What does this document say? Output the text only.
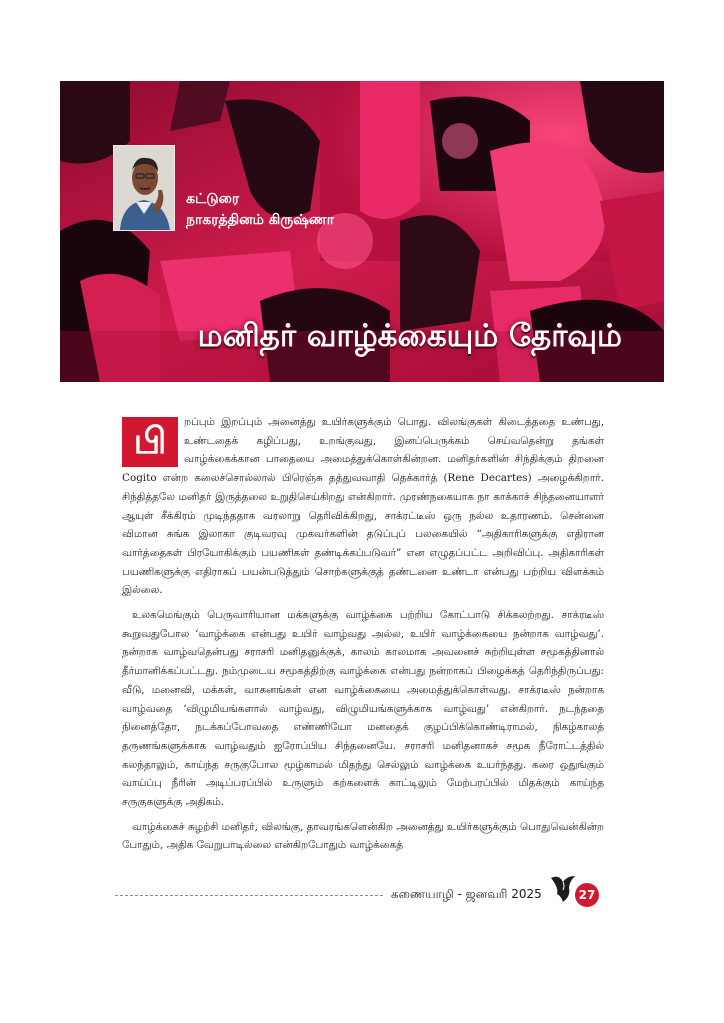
கட்டுரை
நாகரத்தினம் கிருஷ்ணா
மனிதர் வாழ்க்கையும் தேர்வும்
பி	றப்பும் இறப்பும் அனைத்து உயிர்களுக்கும் பொது. விலங்குகள் கிடைத்ததை உண்பது, உண்டதைக் கழிப்பது, உறங்குவது, இனப்பெருக்கம் செய்வதென்று தங்கள் வாழ்க்கைக்கான பாதையை அமைத்துக்கொள்கின்றன. மனிதர்களின் சிந்திக்கும் திறனை Cogito என்ற கலைச்சொல்லால் பிரெஞ்சு தத்துவவாதி தெக்கார்த் (Rene Decartes) அழைக்கிறார். சிந்தித்தலே மனிதர் இருத்தலை உறுதிசெய்கிறது என்கிறார். முரண்நகையாக நா காக்காச் சிந்தனையாளர் ஆயுள் சீக்கிரம் முடிந்ததாக வரலாறு தெரிவிக்கிறது, சாக்ரட்டீஸ் ஒரு நல்ல உதாரணம். சென்னை விமான சுங்க இலாகா குடிவரவு முகவர்களின் தடுப்புப் பலகையில் “அதிகாரிகளுக்கு எதிரான வார்த்தைகள் பிரயோகிக்கும் பயணிகள் தண்டிக்கப்படுவர்” என எழுதப்பட்ட அறிவிப்பு. அதிகாரிகள் பயணிகளுக்கு எதிராகப் பயன்படுத்தும் சொற்களுக்குத் தண்டனை உண்டா என்பது பற்றிய விளக்கம் இல்லை.

உலகமெங்கும் பெருவாரியான மக்களுக்கு வாழ்க்கை பற்றிய கோட்பாடு சிக்கலற்றது. சாக்ரடீஸ் கூறுவதுபோல ‘வாழ்க்கை என்பது உயிர் வாழ்வது அல்ல, உயிர் வாழ்க்கையை நன்றாக வாழ்வது’. நன்றாக வாழ்வதென்பது சராசரி மனிதனுக்குக், காலம் காலமாக அவனைச் சுற்றியுள்ள சமூகத்தினால் தீர்மானிக்கப்பட்டது. நம்முடைய சமூகத்திற்கு வாழ்க்கை என்பது நன்றாகப் பிழைக்கத் தெரிந்திருப்பது: வீடு, மனைவி, மக்கள், வாகனங்கள் என வாழ்க்கையை அமைத்துக்கொள்வது. சாக்ரடீஸ் நன்றாக வாழ்வதை ‘விழுமியங்களால் வாழ்வது, விழுமியங்களுக்காக வாழ்வது’ என்கிறார். நடந்ததை நினைத்தோ, நடக்கப்போவதை எண்ணியோ மனதைக் குழப்பிக்கொண்டிராமல், நிகழ்காலத் தருணங்களுக்காக வாழ்வதும் ஐரோப்பிய சிந்தனையே. சராசரி மனிதனாகச் சமூக நீரோட்டத்தில் கலந்தாலும், காய்ந்த சருகுபோல மூழ்காமல் மிதந்து செல்லும் வாழ்க்கை உயர்ந்தது. கரை ஒதுங்கும் வாய்ப்பு நீரின் அடிப்பரப்பில் உருளும் கற்களைக் காட்டிலும் மேற்பரப்பில் மிதக்கும் காய்ந்த சருகுகளுக்கு அதிகம்.

வாழ்க்கைச் சுழற்சி மனிதர், விலங்கு, தாவரங்களென்கிற அனைத்து உயிர்களுக்கும் பொதுவென்கின்ற போதும், அதிக வேறுபாடில்லை என்கிறபோதும் வாழ்க்கைத்

கணையாழி - ஜனவரி 2025	27
